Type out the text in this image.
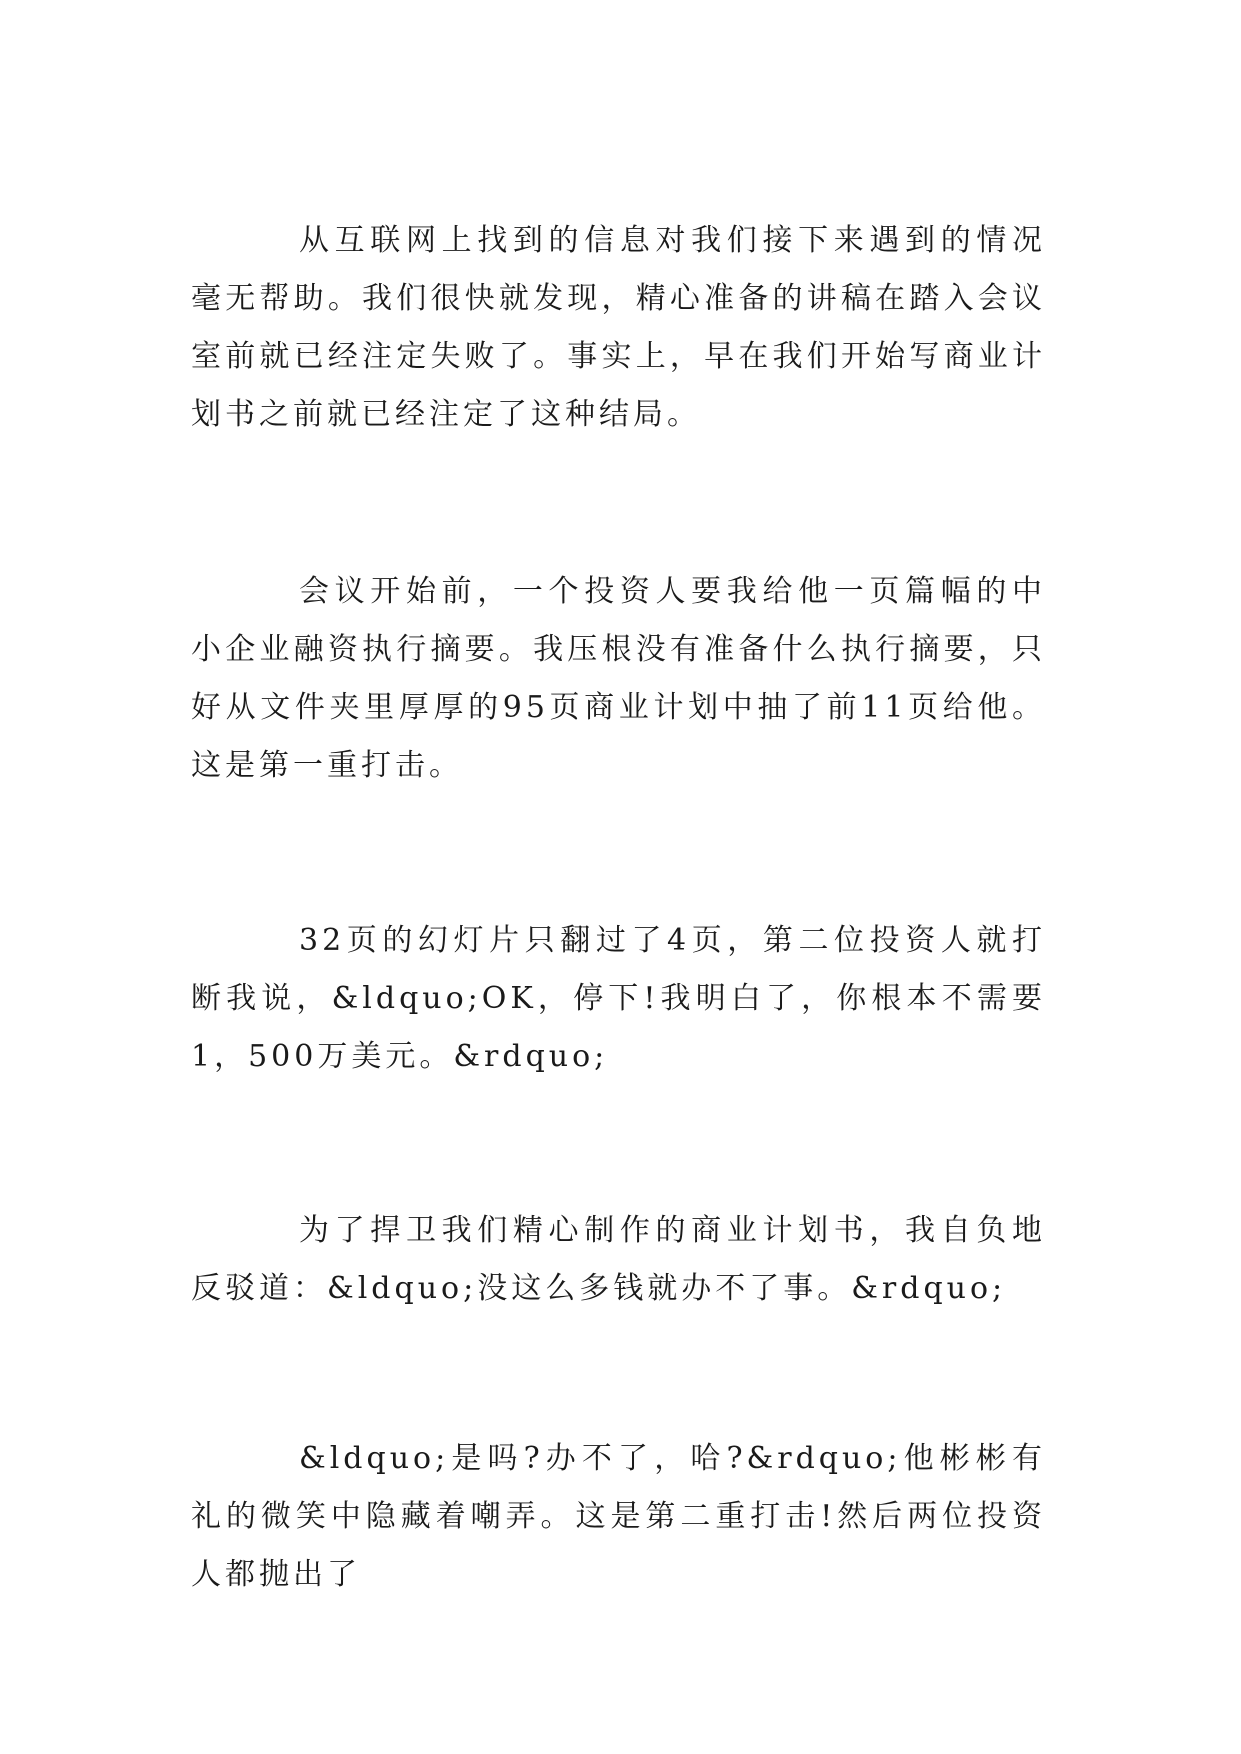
从互联网上找到的信息对我们接下来遇到的情况毫无帮助。我们很快就发现，精心准备的讲稿在踏入会议室前就已经注定失败了。事实上，早在我们开始写商业计划书之前就已经注定了这种结局。

会议开始前，一个投资人要我给他一页篇幅的中小企业融资执行摘要。我压根没有准备什么执行摘要，只好从文件夹里厚厚的95页商业计划中抽了前11页给他。这是第一重打击。

32页的幻灯片只翻过了4页，第二位投资人就打断我说，&ldquo;OK，停下!我明白了，你根本不需要1，500万美元。&rdquo;

为了捍卫我们精心制作的商业计划书，我自负地反驳道：&ldquo;没这么多钱就办不了事。&rdquo;

&ldquo;是吗?办不了，哈?&rdquo;他彬彬有礼的微笑中隐藏着嘲弄。这是第二重打击!然后两位投资人都抛出了
